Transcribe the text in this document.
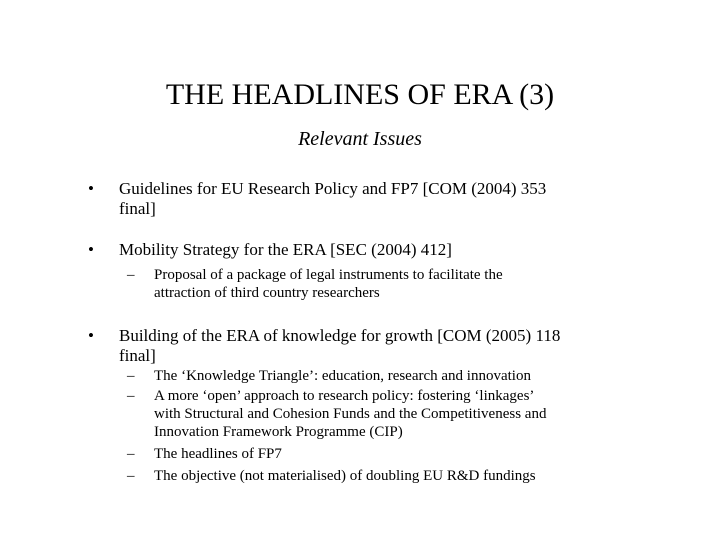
THE HEADLINES OF ERA (3)
Relevant Issues
• Guidelines for EU Research Policy and FP7 [COM (2004) 353
final]
• Mobility Strategy for the ERA [SEC (2004) 412]
– Proposal of a package of legal instruments to facilitate the
attraction of third country researchers
• Building of the ERA of knowledge for growth [COM (2005) 118
final]
– The ‘Knowledge Triangle’: education, research and innovation
– A more ‘open’ approach to research policy: fostering ‘linkages’
with Structural and Cohesion Funds and the Competitiveness and
Innovation Framework Programme (CIP)
– The headlines of FP7
– The objective (not materialised) of doubling EU R&D fundings
